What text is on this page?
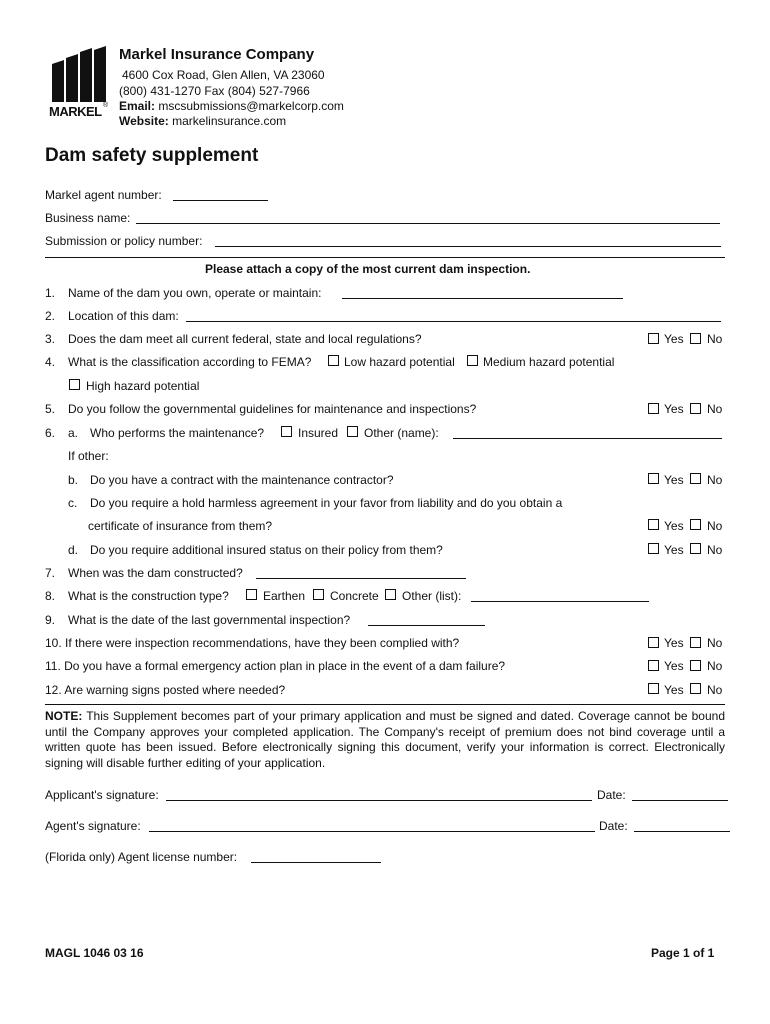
MARKEL ®
Markel Insurance Company
4600 Cox Road, Glen Allen, VA 23060
(800) 431-1270 Fax (804) 527-7966
Email: mscsubmissions@markelcorp.com
Website: markelinsurance.com
Dam safety supplement
Markel agent number:
Business name:
Submission or policy number:
Please attach a copy of the most current dam inspection.
1. Name of the dam you own, operate or maintain:
2. Location of this dam:
3. Does the dam meet all current federal, state and local regulations?	Yes No
4. What is the classification according to FEMA?	Low hazard potential Medium hazard potential
High hazard potential
5. Do you follow the governmental guidelines for maintenance and inspections?	Yes No
6. a. Who performs the maintenance?	Insured Other (name):
If other:
b. Do you have a contract with the maintenance contractor?	Yes No
c. Do you require a hold harmless agreement in your favor from liability and do you obtain a
certificate of insurance from them?	Yes No
d. Do you require additional insured status on their policy from them?	Yes No
7. When was the dam constructed?
8. What is the construction type?	Earthen Concrete Other (list):
9. What is the date of the last governmental inspection?
10. If there were inspection recommendations, have they been complied with?	Yes No
11. Do you have a formal emergency action plan in place in the event of a dam failure?	Yes No
12. Are warning signs posted where needed?	Yes No
NOTE: This Supplement becomes part of your primary application and must be signed and dated. Coverage cannot be bound until the Company approves your completed application. The Company's receipt of premium does not bind coverage until a written quote has been issued. Before electronically signing this document, verify your information is correct. Electronically signing will disable further editing of your application.
Applicant's signature:	Date:
Agent's signature:	Date:
(Florida only) Agent license number:
MAGL 1046 03 16	Page 1 of 1
